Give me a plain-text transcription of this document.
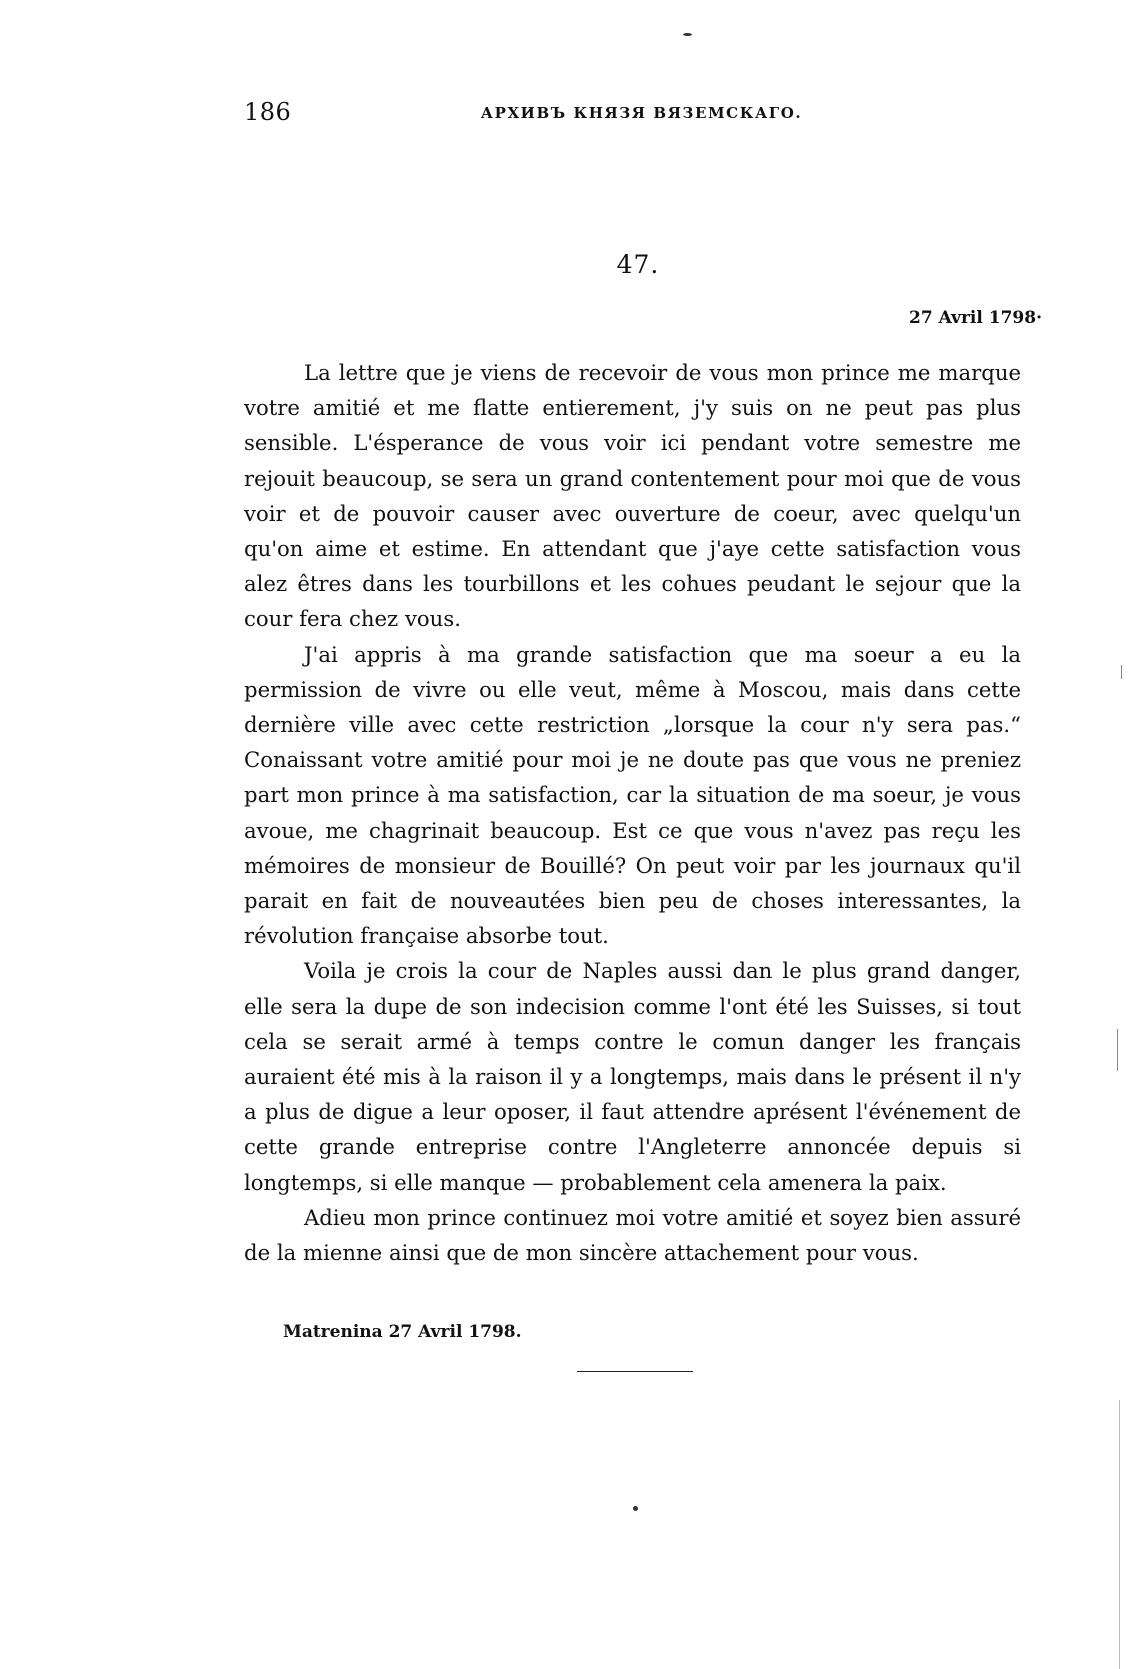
186	АРХИВЪ КНЯЗЯ ВЯЗЕМСКАГО.
47.
27 Avril 1798·

La lettre que je viens de recevoir de vous mon prince me marque votre amitié et me flatte entierement, j'y suis on ne peut pas plus sensible. L'ésperance de vous voir ici pendant votre semestre me rejouit beaucoup, se sera un grand contentement pour moi que de vous voir et de pouvoir causer avec ouverture de coeur, avec quelqu'un qu'on aime et estime. En attendant que j'aye cette satisfaction vous alez êtres dans les tourbillons et les cohues peudant le sejour que la cour fera chez vous.

J'ai appris à ma grande satisfaction que ma soeur a eu la permission de vivre ou elle veut, même à Moscou, mais dans cette dernière ville avec cette restriction „lorsque la cour n'y sera pas.“ Conaissant votre amitié pour moi je ne doute pas que vous ne preniez part mon prince à ma satisfaction, car la situation de ma soeur, je vous avoue, me chagrinait beaucoup. Est ce que vous n'avez pas reçu les mémoires de monsieur de Bouillé? On peut voir par les journaux qu'il parait en fait de nouveautées bien peu de choses interessantes, la révolution française absorbe tout.

Voila je crois la cour de Naples aussi dan le plus grand danger, elle sera la dupe de son indecision comme l'ont été les Suisses, si tout cela se serait armé à temps contre le comun danger les français auraient été mis à la raison il y a longtemps, mais dans le présent il n'y a plus de digue a leur oposer, il faut attendre aprésent l'événement de cette grande entreprise contre l'Angleterre annoncée depuis si longtemps, si elle manque — probablement cela amenera la paix.

Adieu mon prince continuez moi votre amitié et soyez bien assuré de la mienne ainsi que de mon sincère attachement pour vous.

Matrenina 27 Avril 1798.
